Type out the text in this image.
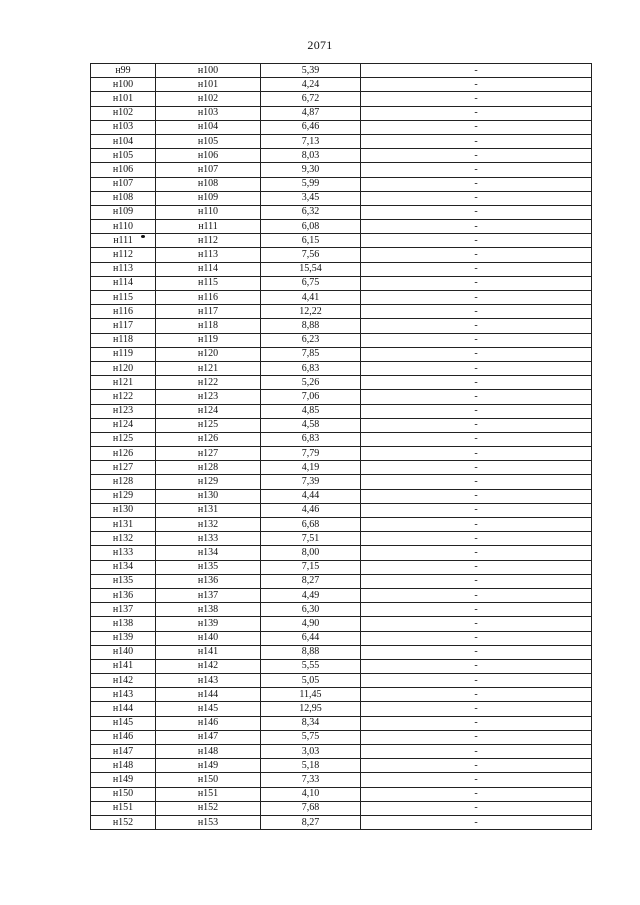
2071
н99	н100	5,39	-
н100	н101	4,24	-
н101	н102	6,72	-
н102	н103	4,87	-
н103	н104	6,46	-
н104	н105	7,13	-
н105	н106	8,03	-
н106	н107	9,30	-
н107	н108	5,99	-
н108	н109	3,45	-
н109	н110	6,32	-
н110	н111	6,08	-
н111	н112	6,15	-
н112	н113	7,56	-
н113	н114	15,54	-
н114	н115	6,75	-
н115	н116	4,41	-
н116	н117	12,22	-
н117	н118	8,88	-
н118	н119	6,23	-
н119	н120	7,85	-
н120	н121	6,83	-
н121	н122	5,26	-
н122	н123	7,06	-
н123	н124	4,85	-
н124	н125	4,58	-
н125	н126	6,83	-
н126	н127	7,79	-
н127	н128	4,19	-
н128	н129	7,39	-
н129	н130	4,44	-
н130	н131	4,46	-
н131	н132	6,68	-
н132	н133	7,51	-
н133	н134	8,00	-
н134	н135	7,15	-
н135	н136	8,27	-
н136	н137	4,49	-
н137	н138	6,30	-
н138	н139	4,90	-
н139	н140	6,44	-
н140	н141	8,88	-
н141	н142	5,55	-
н142	н143	5,05	-
н143	н144	11,45	-
н144	н145	12,95	-
н145	н146	8,34	-
н146	н147	5,75	-
н147	н148	3,03	-
н148	н149	5,18	-
н149	н150	7,33	-
н150	н151	4,10	-
н151	н152	7,68	-
н152	н153	8,27	-
